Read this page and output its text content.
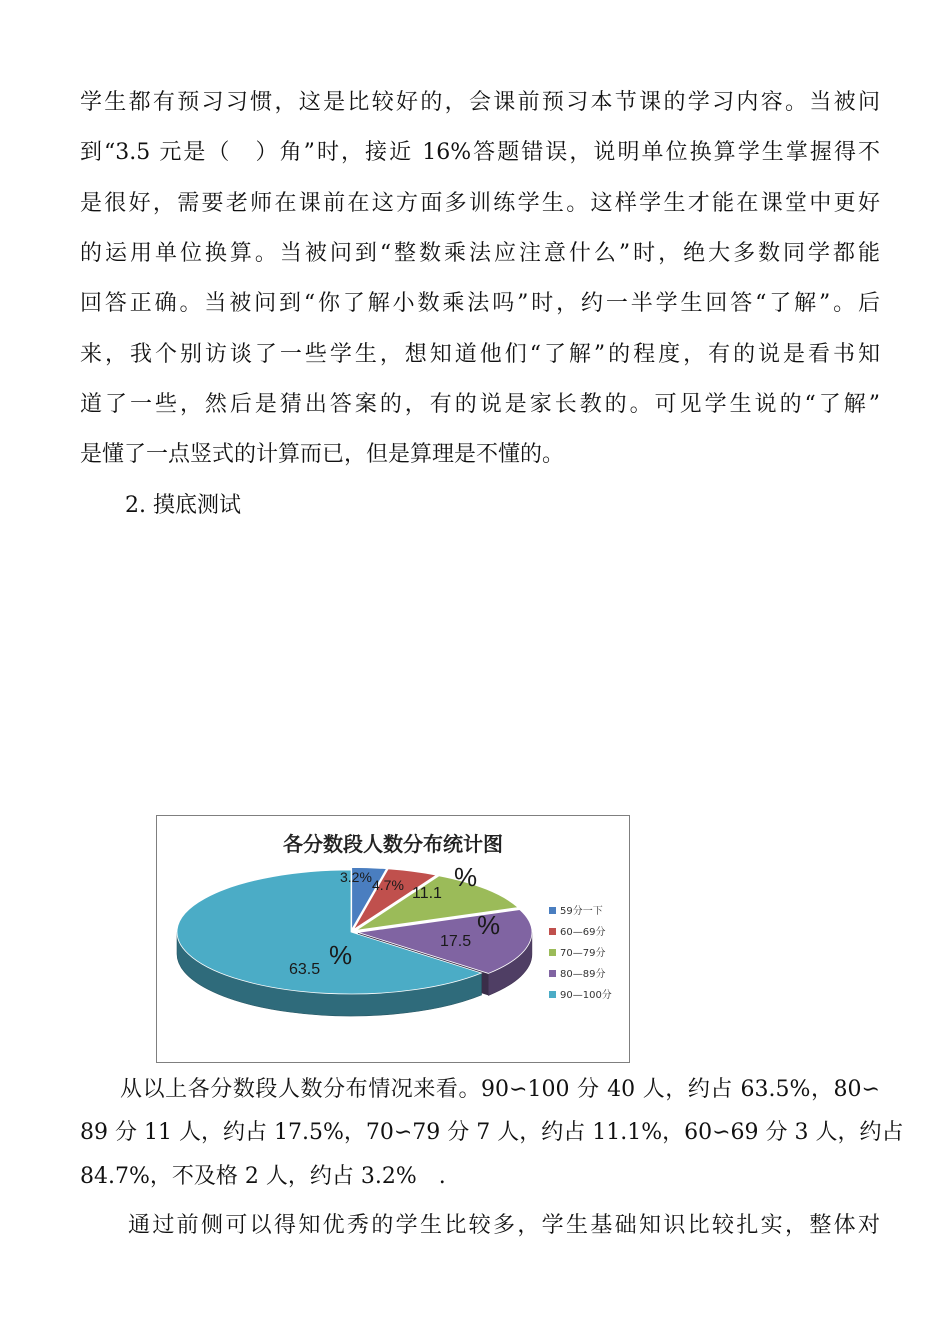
学生都有预习习惯，这是比较好的，会课前预习本节课的学习内容。当被问
到“3.5 元是（　）角”时，接近 16%答题错误，说明单位换算学生掌握得不
是很好，需要老师在课前在这方面多训练学生。这样学生才能在课堂中更好
的运用单位换算。当被问到“整数乘法应注意什么”时，绝大多数同学都能
回答正确。当被问到“你了解小数乘法吗”时，约一半学生回答“了解”。后
来，我个别访谈了一些学生，想知道他们“了解”的程度，有的说是看书知
道了一些，然后是猜出答案的，有的说是家长教的。可见学生说的“了解”
是懂了一点竖式的计算而已，但是算理是不懂的。
2. 摸底测试
各分数段人数分布统计图
3.2% 4.7% 11.1
%
17.5
%
63.5 %
59分一下
60—69分
70—79分
80—89分
90—100分
从以上各分数段人数分布情况来看。90∽100 分 40 人，约占 63.5%，80∽
89 分 11 人，约占 17.5%，70∽79 分 7 人，约占 11.1%，60∽69 分 3 人，约占
84.7%，不及格 2 人，约占 3.2%　.
通过前侧可以得知优秀的学生比较多，学生基础知识比较扎实，整体对
